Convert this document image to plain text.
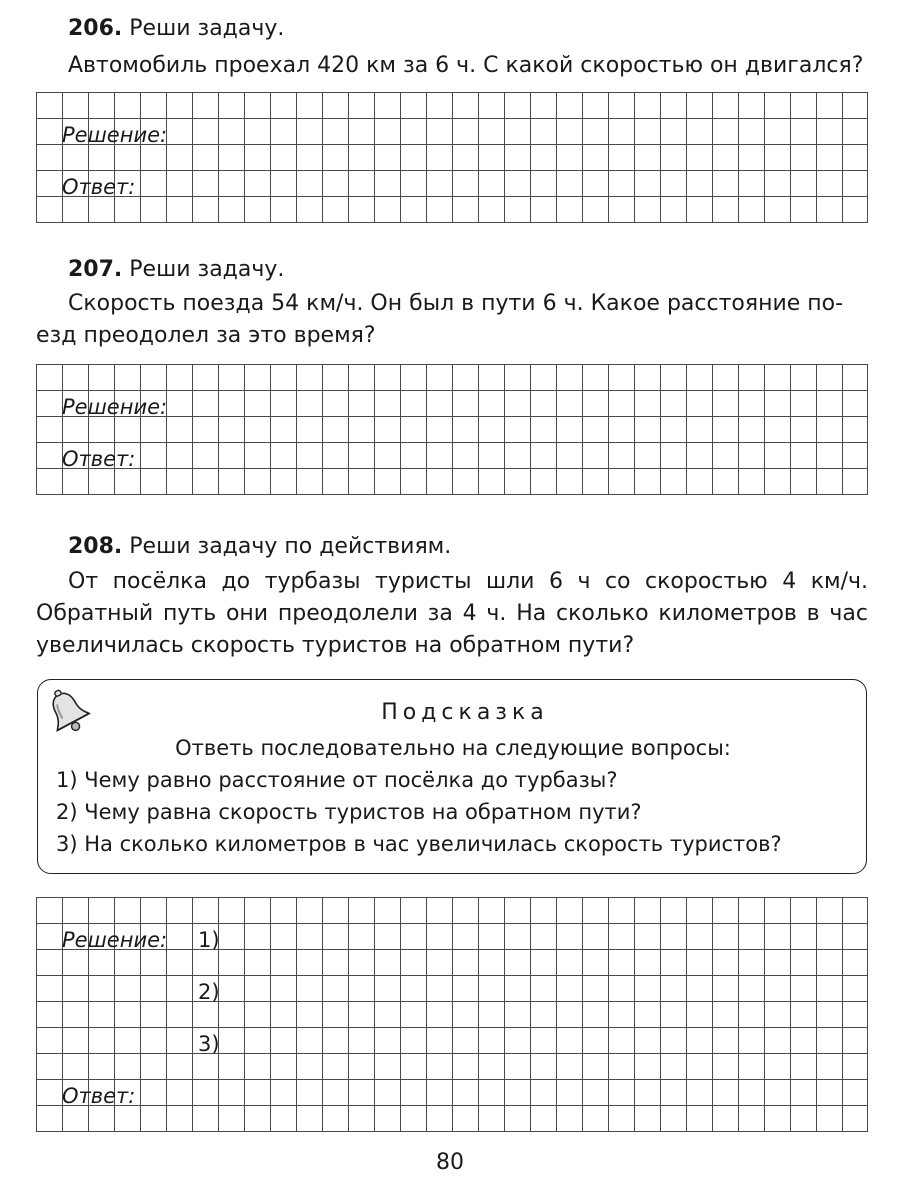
206. Реши задачу.
Автомобиль проехал 420 км за 6 ч. С какой скоростью он двигался?
Решение:
Ответ:
207. Реши задачу.
Скорость поезда 54 км/ч. Он был в пути 6 ч. Какое расстояние по-
езд преодолел за это время?
Решение:
Ответ:
208. Реши задачу по действиям.
От посёлка до турбазы туристы шли 6 ч со скоростью 4 км/ч.
Обратный путь они преодолели за 4 ч. На сколько километров в час
увеличилась скорость туристов на обратном пути?
Подсказка
Ответь последовательно на следующие вопросы:
1) Чему равно расстояние от посёлка до турбазы?
2) Чему равна скорость туристов на обратном пути?
3) На сколько километров в час увеличилась скорость туристов?
Решение: 1)
2)
3)
Ответ:
80
